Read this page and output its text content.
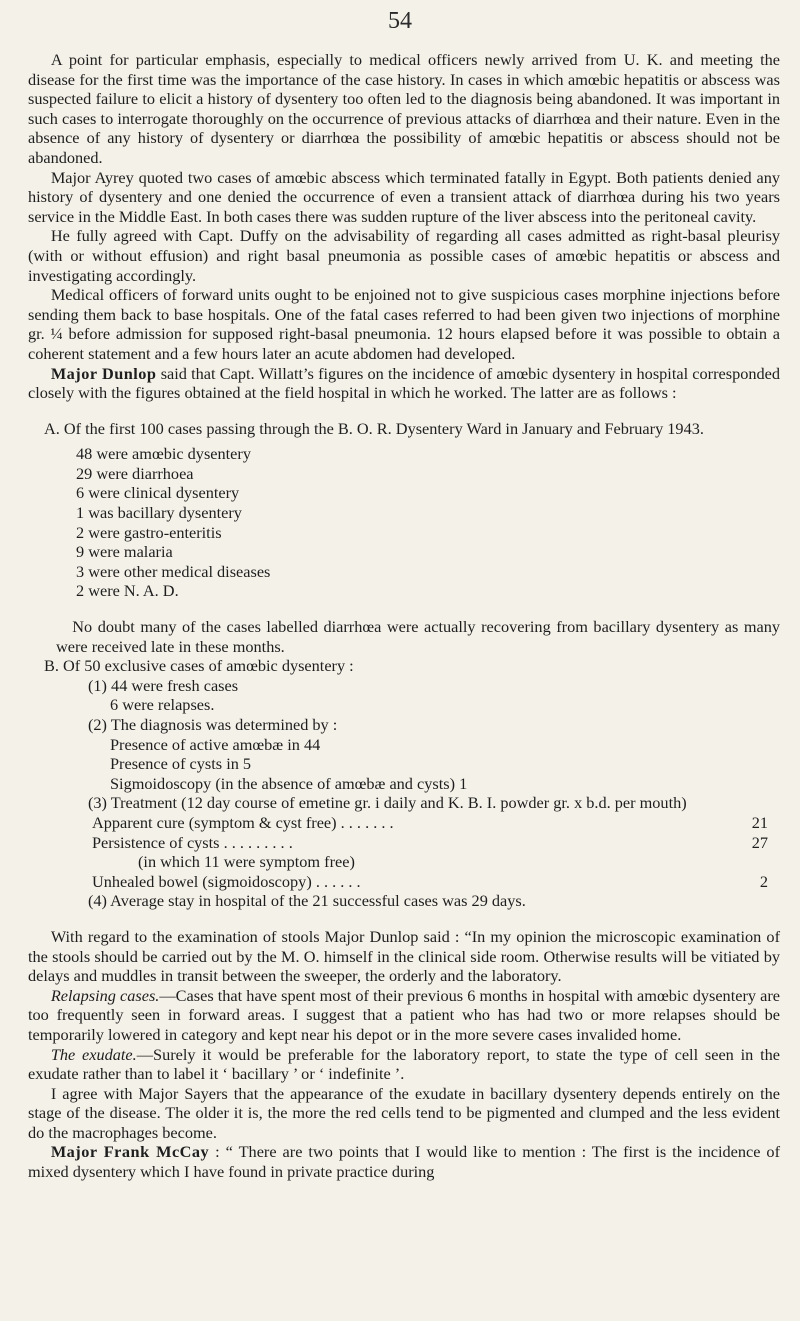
54

A point for particular emphasis, especially to medical officers newly arrived from U. K. and meeting the disease for the first time was the importance of the case history. In cases in which amœbic hepatitis or abscess was suspected failure to elicit a history of dysentery too often led to the diagnosis being abandoned. It was important in such cases to interrogate thoroughly on the occurrence of previous attacks of diarrhœa and their nature. Even in the absence of any history of dysentery or diarrhœa the possibility of amœbic hepatitis or abscess should not be abandoned.

Major Ayrey quoted two cases of amœbic abscess which terminated fatally in Egypt. Both patients denied any history of dysentery and one denied the occurrence of even a transient attack of diarrhœa during his two years service in the Middle East. In both cases there was sudden rupture of the liver abscess into the peritoneal cavity.

He fully agreed with Capt. Duffy on the advisability of regarding all cases admitted as right-basal pleurisy (with or without effusion) and right basal pneumonia as possible cases of amœbic hepatitis or abscess and investigating accordingly.

Medical officers of forward units ought to be enjoined not to give suspicious cases morphine injections before sending them back to base hospitals. One of the fatal cases referred to had been given two injections of morphine gr. ¼ before admission for supposed right-basal pneumonia. 12 hours elapsed before it was possible to obtain a coherent statement and a few hours later an acute abdomen had developed.

Major Dunlop said that Capt. Willatt’s figures on the incidence of amœbic dysentery in hospital corresponded closely with the figures obtained at the field hospital in which he worked. The latter are as follows :

A. Of the first 100 cases passing through the B. O. R. Dysentery Ward in January and February 1943.

48 were amœbic dysentery
29 were diarrhoea
6 were clinical dysentery
1 was bacillary dysentery
2 were gastro-enteritis
9 were malaria
3 were other medical diseases
2 were N. A. D.

No doubt many of the cases labelled diarrhœa were actually recovering from bacillary dysentery as many were received late in these months.

B. Of 50 exclusive cases of amœbic dysentery :

(1) 44 were fresh cases
6 were relapses.
(2) The diagnosis was determined by :
Presence of active amœbæ in 44
Presence of cysts in 5
Sigmoidoscopy (in the absence of amœbæ and cysts) 1
(3) Treatment (12 day course of emetine gr. i daily and K. B. I. powder gr. x b.d. per mouth)
Apparent cure (symptom & cyst free) . . . . . . .	21
Persistence of cysts . . . . . . . . .	27
(in which 11 were symptom free)
Unhealed bowel (sigmoidoscopy) . . . . . .	2
(4) Average stay in hospital of the 21 successful cases was 29 days.

With regard to the examination of stools Major Dunlop said : “In my opinion the microscopic examination of the stools should be carried out by the M. O. himself in the clinical side room. Otherwise results will be vitiated by delays and muddles in transit between the sweeper, the orderly and the laboratory.

Relapsing cases.—Cases that have spent most of their previous 6 months in hospital with amœbic dysentery are too frequently seen in forward areas. I suggest that a patient who has had two or more relapses should be temporarily lowered in category and kept near his depot or in the more severe cases invalided home.

The exudate.—Surely it would be preferable for the laboratory report, to state the type of cell seen in the exudate rather than to label it ‘ bacillary ’ or ‘ indefinite ’.

I agree with Major Sayers that the appearance of the exudate in bacillary dysentery depends entirely on the stage of the disease. The older it is, the more the red cells tend to be pigmented and clumped and the less evident do the macrophages become.

Major Frank McCay : “ There are two points that I would like to mention : The first is the incidence of mixed dysentery which I have found in private practice during
